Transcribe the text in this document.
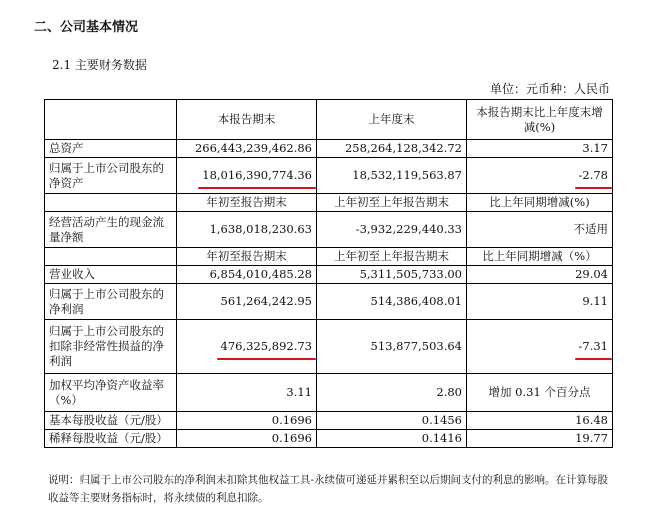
二、公司基本情况
2.1 主要财务数据
单位：元币种：人民币
	本报告期末	上年度末	本报告期末比上年度末增减(%)
总资产	266,443,239,462.86	258,264,128,342.72	3.17
归属于上市公司股东的净资产	18,016,390,774.36	18,532,119,563.87	-2.78
	年初至报告期末	上年初至上年报告期末	比上年同期增减(%)
经营活动产生的现金流量净额	1,638,018,230.63	-3,932,229,440.33	不适用
	年初至报告期末	上年初至上年报告期末	比上年同期增减（%）
营业收入	6,854,010,485.28	5,311,505,733.00	29.04
归属于上市公司股东的净利润	561,264,242.95	514,386,408.01	9.11
归属于上市公司股东的扣除非经常性损益的净利润	476,325,892.73	513,877,503.64	-7.31
加权平均净资产收益率（%）	3.11	2.80	增加 0.31 个百分点
基本每股收益（元/股）	0.1696	0.1456	16.48
稀释每股收益（元/股）	0.1696	0.1416	19.77
说明：归属于上市公司股东的净利润未扣除其他权益工具-永续债可递延并累积至以后期间支付的利息的影响。在计算每股收益等主要财务指标时，将永续债的利息扣除。
